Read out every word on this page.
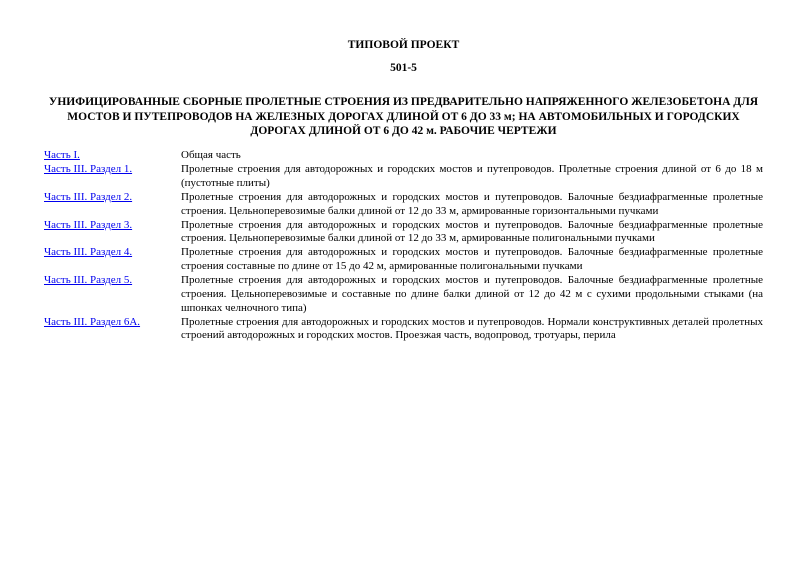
ТИПОВОЙ ПРОЕКТ
501-5
УНИФИЦИРОВАННЫЕ СБОРНЫЕ ПРОЛЕТНЫЕ СТРОЕНИЯ ИЗ ПРЕДВАРИТЕЛЬНО НАПРЯЖЕННОГО ЖЕЛЕЗОБЕТОНА ДЛЯ МОСТОВ И ПУТЕПРОВОДОВ НА ЖЕЛЕЗНЫХ ДОРОГАХ ДЛИНОЙ ОТ 6 ДО 33 м; НА АВТОМОБИЛЬНЫХ И ГОРОДСКИХ ДОРОГАХ ДЛИНОЙ ОТ 6 ДО 42 м. РАБОЧИЕ ЧЕРТЕЖИ
Часть I.	Общая часть
Часть III. Раздел 1.	Пролетные строения для автодорожных и городских мостов и путепроводов. Пролетные строения длиной от 6 до 18 м (пустотные плиты)
Часть III. Раздел 2.	Пролетные строения для автодорожных и городских мостов и путепроводов. Балочные бездиафрагменные пролетные строения. Цельноперевозимые балки длиной от 12 до 33 м, армированные горизонтальными пучками
Часть III. Раздел 3.	Пролетные строения для автодорожных и городских мостов и путепроводов. Балочные бездиафрагменные пролетные строения. Цельноперевозимые балки длиной от 12 до 33 м, армированные полигональными пучками
Часть III. Раздел 4.	Пролетные строения для автодорожных и городских мостов и путепроводов. Балочные бездиафрагменные пролетные строения составные по длине от 15 до 42 м, армированные полигональными пучками
Часть III. Раздел 5.	Пролетные строения для автодорожных и городских мостов и путепроводов. Балочные бездиафрагменные пролетные строения. Цельноперевозимые и составные по длине балки длиной от 12 до 42 м с сухими продольными стыками (на шпонках челночного типа)
Часть III. Раздел 6А.	Пролетные строения для автодорожных и городских мостов и путепроводов. Нормали конструктивных деталей пролетных строений автодорожных и городских мостов. Проезжая часть, водопровод, тротуары, перила
